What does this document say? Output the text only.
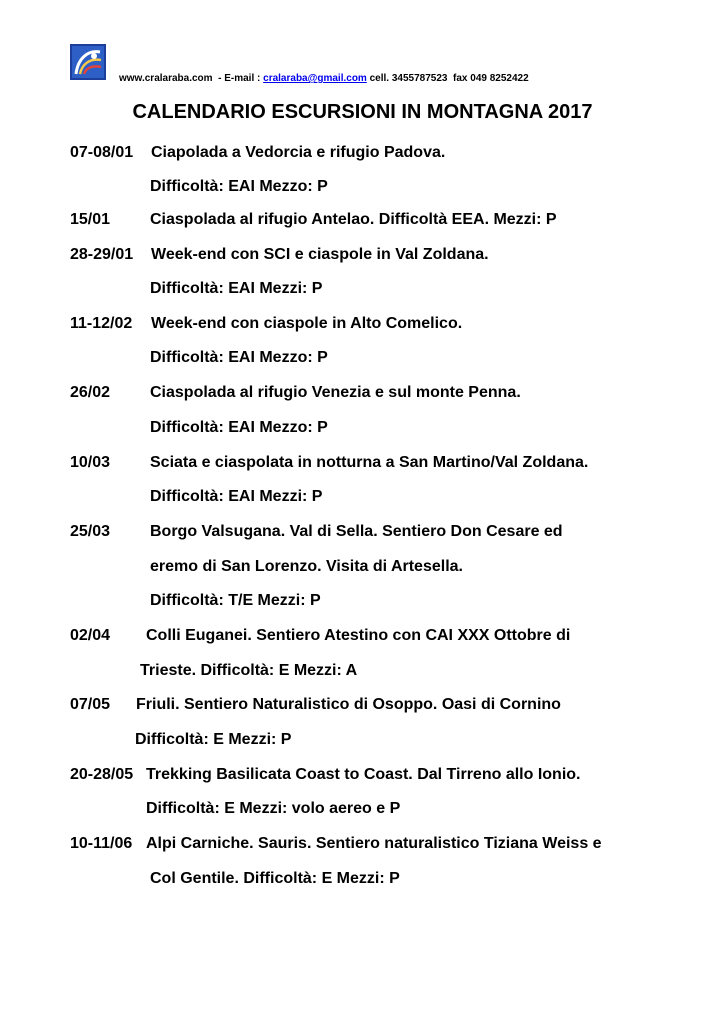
www.cralaraba.com - E-mail : cralaraba@gmail.com cell. 3455787523 fax 049 8252422
CALENDARIO ESCURSIONI IN MONTAGNA 2017
07-08/01 Ciapolada a Vedorcia e rifugio Padova.
Difficoltà: EAI Mezzo: P
15/01 Ciaspolada al rifugio Antelao. Difficoltà EEA. Mezzi: P
28-29/01 Week-end con SCI e ciaspole in Val Zoldana.
Difficoltà: EAI Mezzi: P
11-12/02 Week-end con ciaspole in Alto Comelico.
Difficoltà: EAI Mezzo: P
26/02 Ciaspolada al rifugio Venezia e sul monte Penna.
Difficoltà: EAI Mezzo: P
10/03 Sciata e ciaspolata in notturna a San Martino/Val Zoldana.
Difficoltà: EAI Mezzi: P
25/03 Borgo Valsugana. Val di Sella. Sentiero Don Cesare ed
eremo di San Lorenzo. Visita di Artesella.
Difficoltà: T/E Mezzi: P
02/04 Colli Euganei. Sentiero Atestino con CAI XXX Ottobre di
Trieste. Difficoltà: E Mezzi: A
07/05 Friuli. Sentiero Naturalistico di Osoppo. Oasi di Cornino
Difficoltà: E Mezzi: P
20-28/05 Trekking Basilicata Coast to Coast. Dal Tirreno allo Ionio.
Difficoltà: E Mezzi: volo aereo e P
10-11/06 Alpi Carniche. Sauris. Sentiero naturalistico Tiziana Weiss e
Col Gentile. Difficoltà: E Mezzi: P
